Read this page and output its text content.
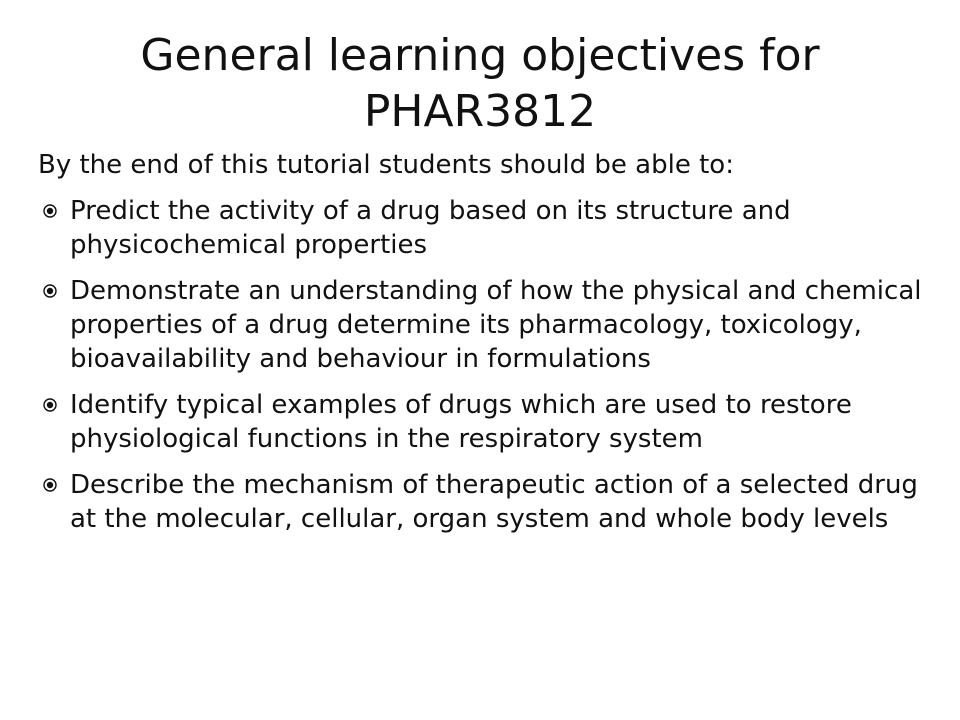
General learning objectives for PHAR3812
By the end of this tutorial students should be able to:
Predict the activity of a drug based on its structure and physicochemical properties
Demonstrate an understanding of how the physical and chemical properties of a drug determine its pharmacology, toxicology, bioavailability and behaviour in formulations
Identify typical examples of drugs which are used to restore physiological functions in the respiratory system
Describe the mechanism of therapeutic action of a selected drug at the molecular, cellular, organ system and whole body levels
